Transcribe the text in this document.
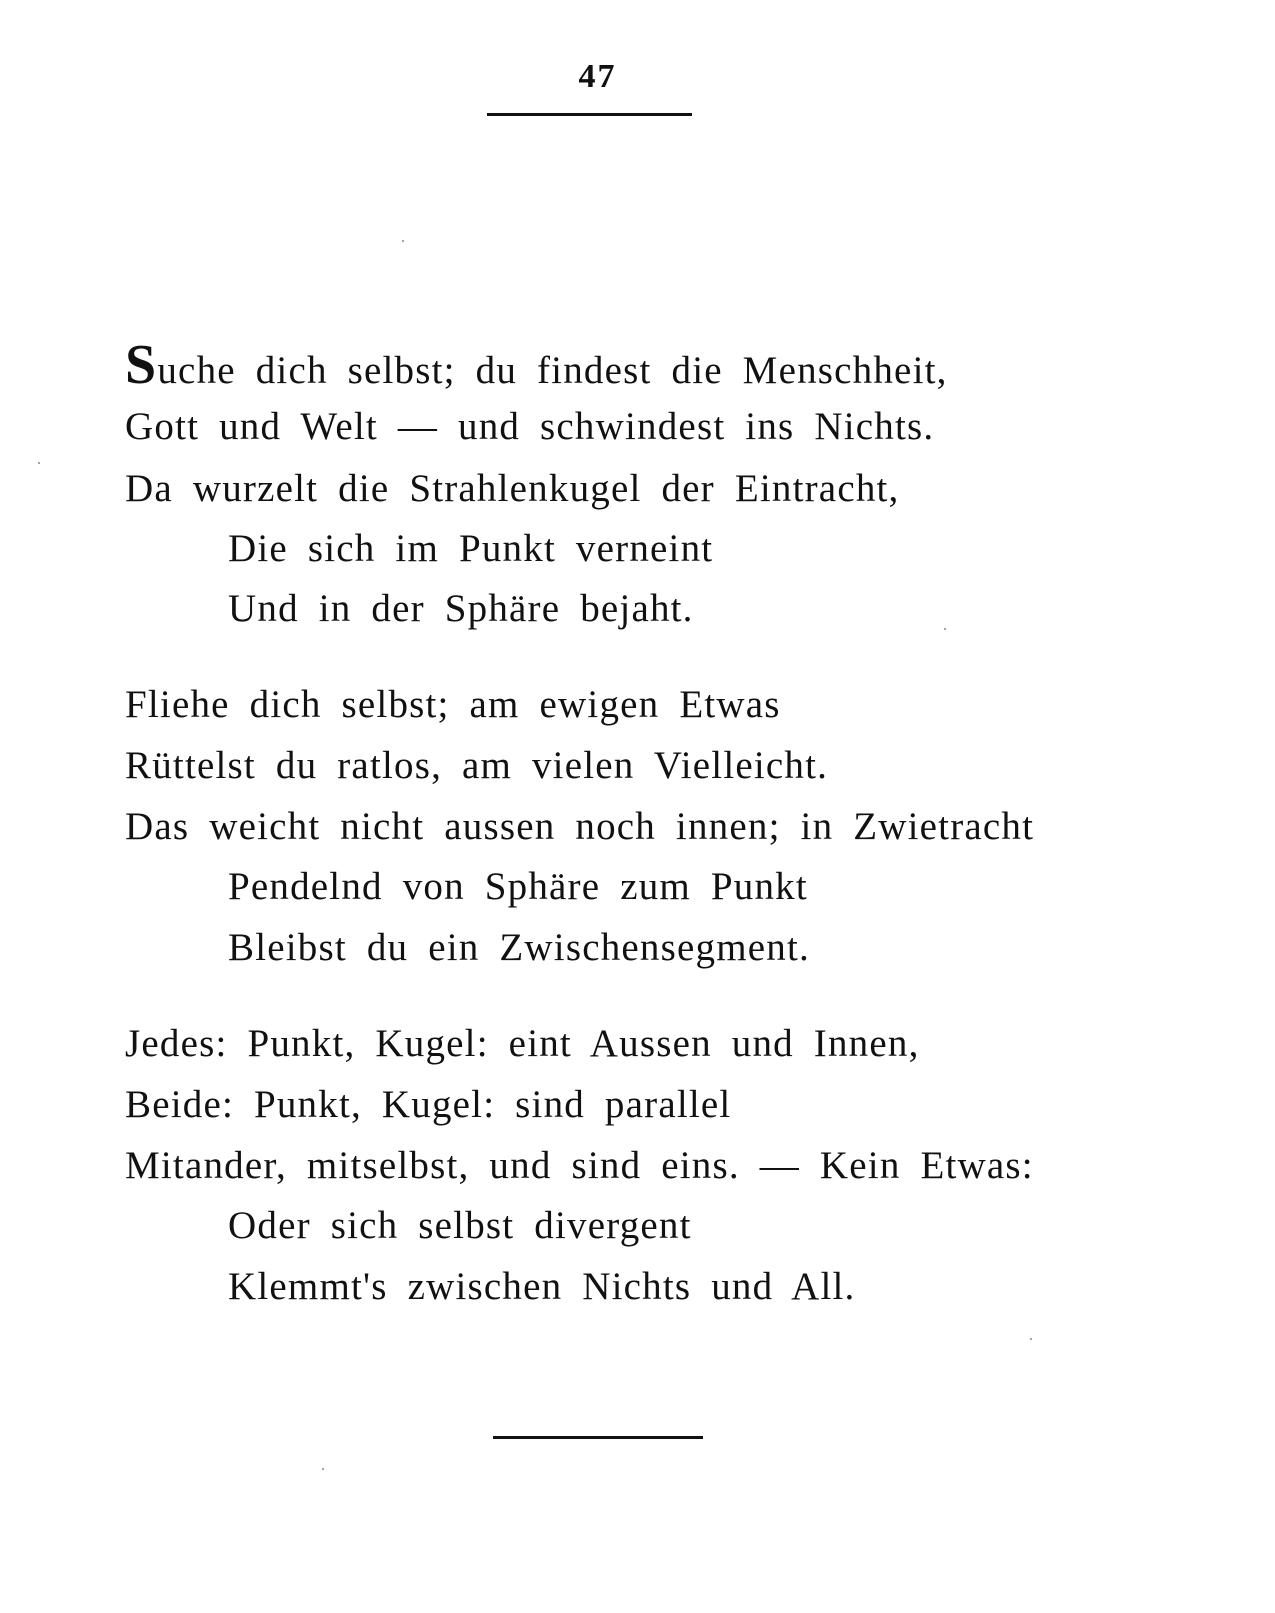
47
Suche dich selbst; du findest die Menschheit,
Gott und Welt — und schwindest ins Nichts.
Da wurzelt die Strahlenkugel der Eintracht,
Die sich im Punkt verneint
Und in der Sphäre bejaht.
Fliehe dich selbst; am ewigen Etwas
Rüttelst du ratlos, am vielen Vielleicht.
Das weicht nicht aussen noch innen; in Zwietracht
Pendelnd von Sphäre zum Punkt
Bleibst du ein Zwischensegment.
Jedes: Punkt, Kugel: eint Aussen und Innen,
Beide: Punkt, Kugel: sind parallel
Mitander, mitselbst, und sind eins. — Kein Etwas:
Oder sich selbst divergent
Klemmt's zwischen Nichts und All.
